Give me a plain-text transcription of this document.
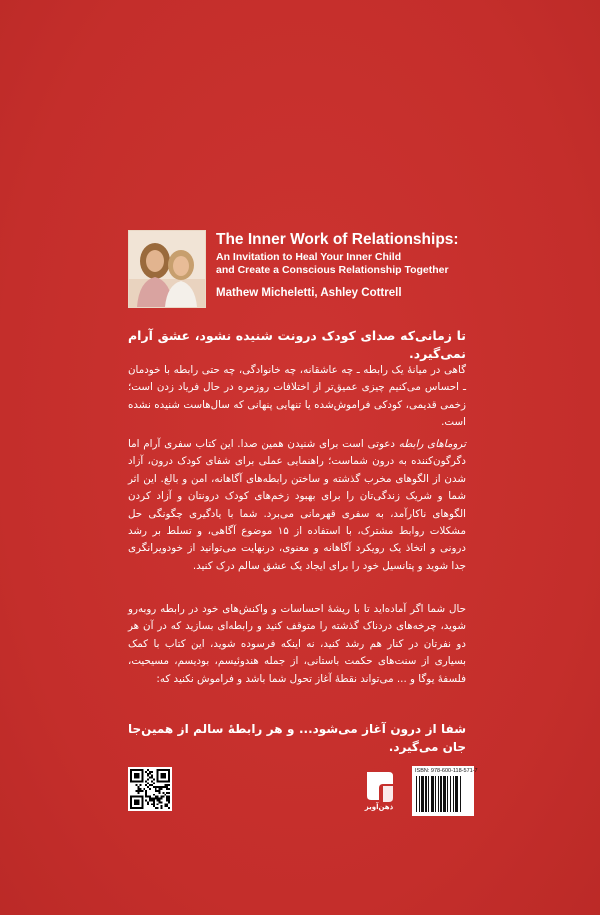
The Inner Work of Relationships:
An Invitation to Heal Your Inner Child
and Create a Conscious Relationship Together
Mathew Micheletti, Ashley Cottrell
تا زمانی‌که صدای کودک درونت شنیده نشود، عشق آرام نمی‌گیرد.
گاهی در میانهٔ یک رابطه ـ چه عاشقانه، چه خانوادگی، چه حتی رابطه با خودمان ـ احساس می‌کنیم چیزی عمیق‌تر از اختلافات روزمره در حال فریاد زدن است؛ زخمی قدیمی، کودکی فراموش‌شده یا تنهایی پنهانی که سال‌هاست شنیده نشده است.
تروماهای رابطه دعوتی است برای شنیدن همین صدا. این کتاب سفری آرام اما دگرگون‌کننده به درون شماست؛ راهنمایی عملی برای شفای کودک درون، آزاد شدن از الگوهای مخرب گذشته و ساختن رابطه‌های آگاهانه، امن و بالغ. این اثر شما و شریک زندگی‌تان را برای بهبود زخم‌های کودک درونتان و آزاد کردن الگوهای ناکارآمد، به سفری قهرمانی می‌برد. شما با یادگیری چگونگی حل مشکلات روابط مشترک، با استفاده از ۱۵ موضوع آگاهی، و تسلط بر رشد درونی و اتخاذ یک رویکرد آگاهانه و معنوی، درنهایت می‌توانید از خودویرانگری جدا شوید و پتانسیل خود را برای ایجاد یک عشق سالم درک کنید.
حال شما اگر آماده‌اید تا با ریشهٔ احساسات و واکنش‌های خود در رابطه روبه‌رو شوید، چرخه‌های دردناک گذشته را متوقف کنید و رابطه‌ای بسازید که در آن هر دو نفرتان در کنار هم رشد کنید، نه اینکه فرسوده شوید، این کتاب با کمک بسیاری از سنت‌های حکمت باستانی، از جمله هندوئیسم، بودیسم، مسیحیت، فلسفهٔ یوگا و ... می‌تواند نقطهٔ آغاز تحول شما باشد و فراموش نکنید که:
شفا از درون آغاز می‌شود... و هر رابطهٔ سالم از همین‌جا جان می‌گیرد.
ذهن‌آویز
ISBN: 978-600-118-571-7
